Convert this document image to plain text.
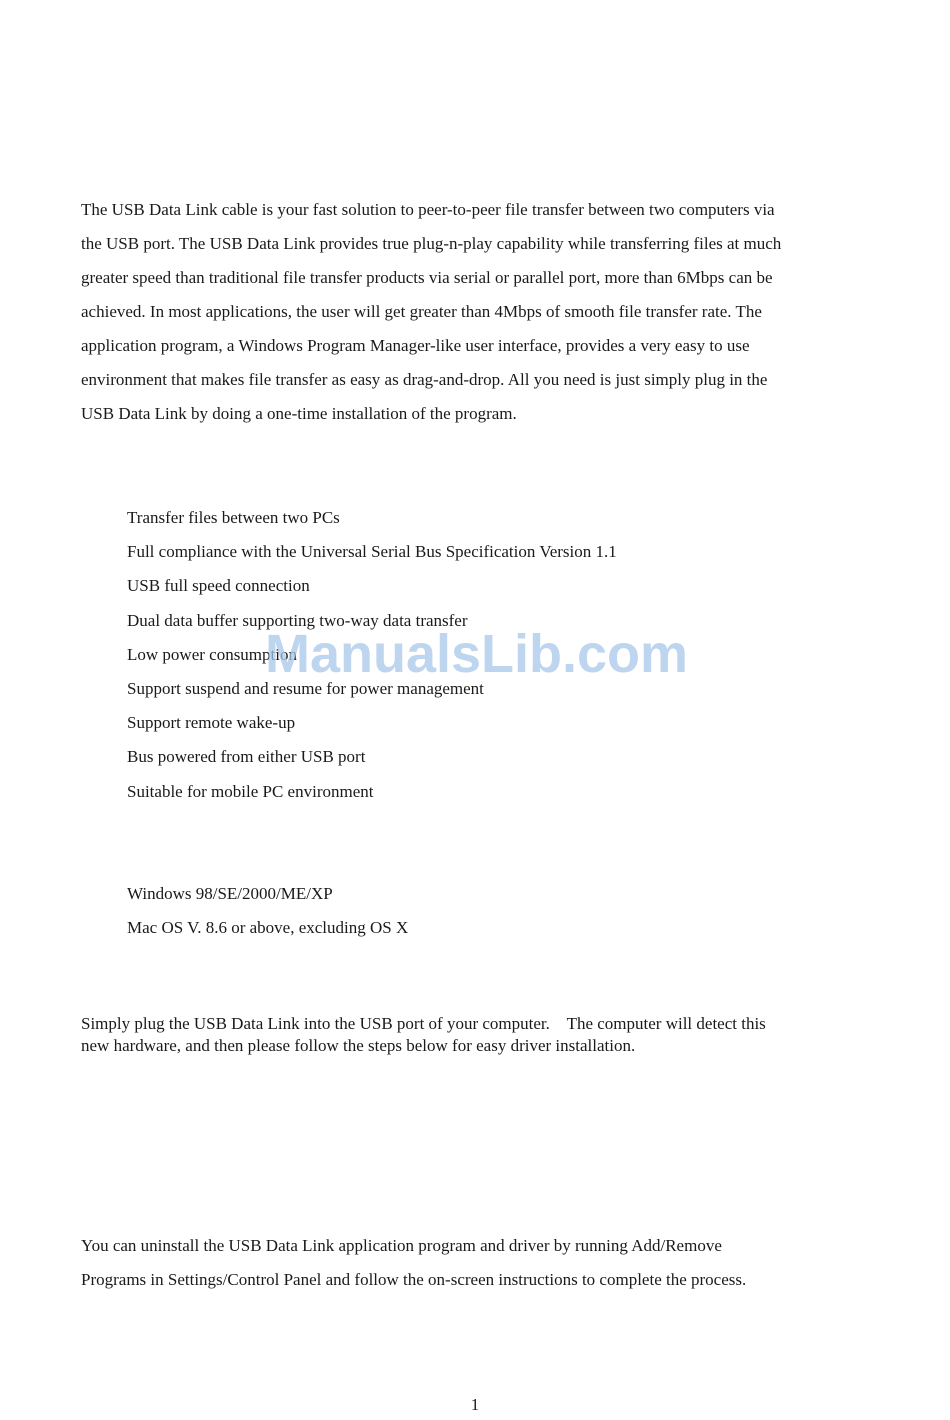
The USB Data Link cable is your fast solution to peer-to-peer file transfer between two computers via
the USB port. The USB Data Link provides true plug-n-play capability while transferring files at much
greater speed than traditional file transfer products via serial or parallel port, more than 6Mbps can be
achieved. In most applications, the user will get greater than 4Mbps of smooth file transfer rate. The
application program, a Windows Program Manager-like user interface, provides a very easy to use
environment that makes file transfer as easy as drag-and-drop. All you need is just simply plug in the
USB Data Link by doing a one-time installation of the program.
Transfer files between two PCs
Full compliance with the Universal Serial Bus Specification Version 1.1
USB full speed connection
Dual data buffer supporting two-way data transfer
Low power consumption
Support suspend and resume for power management
Support remote wake-up
Bus powered from either USB port
Suitable for mobile PC environment
Windows 98/SE/2000/ME/XP
Mac OS V. 8.6 or above, excluding OS X
Simply plug the USB Data Link into the USB port of your computer.    The computer will detect this
new hardware, and then please follow the steps below for easy driver installation.
You can uninstall the USB Data Link application program and driver by running Add/Remove
Programs in Settings/Control Panel and follow the on-screen instructions to complete the process.
ManualsLib.com
1
